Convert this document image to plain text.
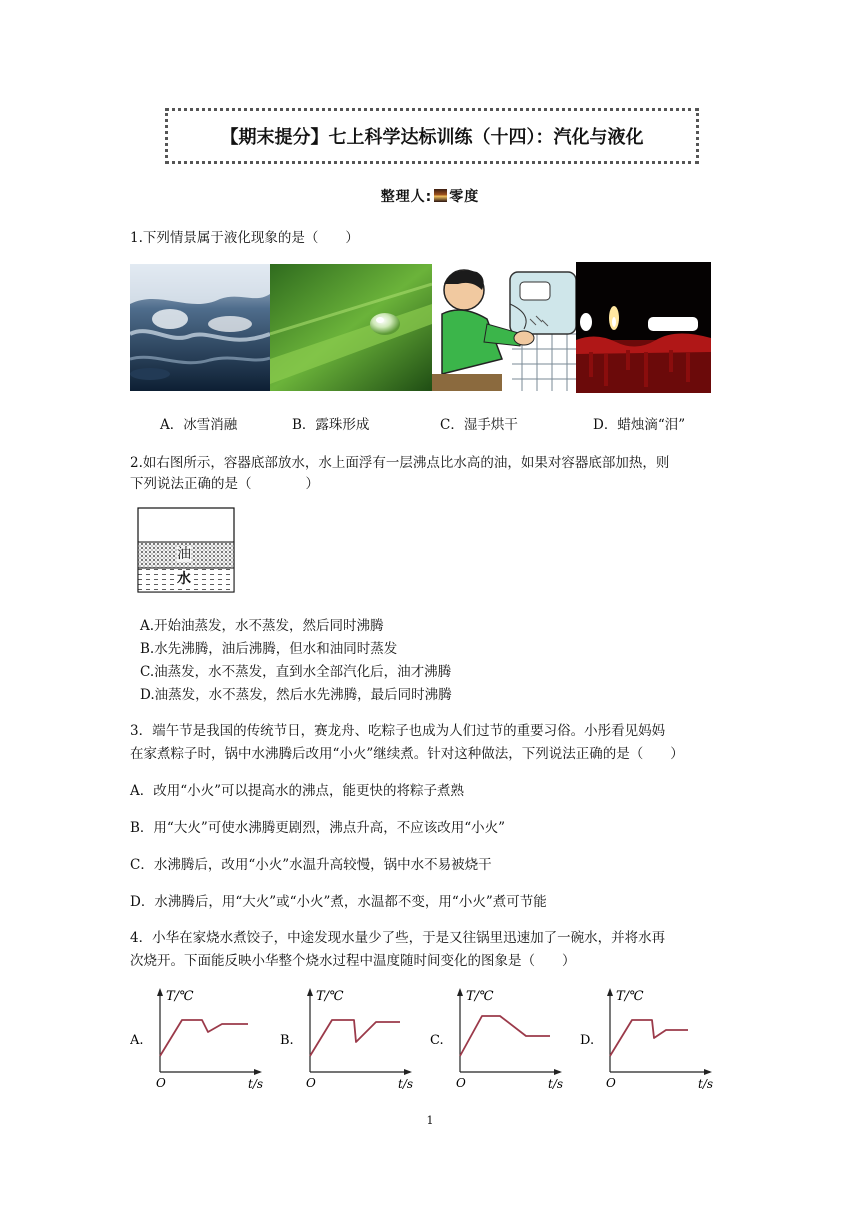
【期末提分】七上科学达标训练（十四）：汽化与液化
整理人: 零度
1.下列情景属于液化现象的是（　　）
A．冰雪消融	B．露珠形成	C．湿手烘干	D．蜡烛滴“泪”
2.如右图所示，容器底部放水，水上面浮有一层沸点比水高的油，如果对容器底部加热，则
下列说法正确的是（　　　　）
油
水
A.开始油蒸发，水不蒸发，然后同时沸腾
B.水先沸腾，油后沸腾，但水和油同时蒸发
C.油蒸发，水不蒸发，直到水全部汽化后，油才沸腾
D.油蒸发，水不蒸发，然后水先沸腾，最后同时沸腾
3．端午节是我国的传统节日，赛龙舟、吃粽子也成为人们过节的重要习俗。小彤看见妈妈
在家煮粽子时，锅中水沸腾后改用“小火”继续煮。针对这种做法，下列说法正确的是（　　）
A．改用“小火”可以提高水的沸点，能更快的将粽子煮熟
B．用“大火”可使水沸腾更剧烈，沸点升高，不应该改用“小火”
C．水沸腾后，改用“小火”水温升高较慢，锅中水不易被烧干
D．水沸腾后，用“大火”或“小火”煮，水温都不变，用“小火”煮可节能
4．小华在家烧水煮饺子，中途发现水量少了些，于是又往锅里迅速加了一碗水，并将水再
次烧开。下面能反映小华整个烧水过程中温度随时间变化的图象是（　　）
A.
T/℃
t/s
O
B.
T/℃
t/s
O
C.
T/℃
t/s
O
D.
T/℃
t/s
O
1
